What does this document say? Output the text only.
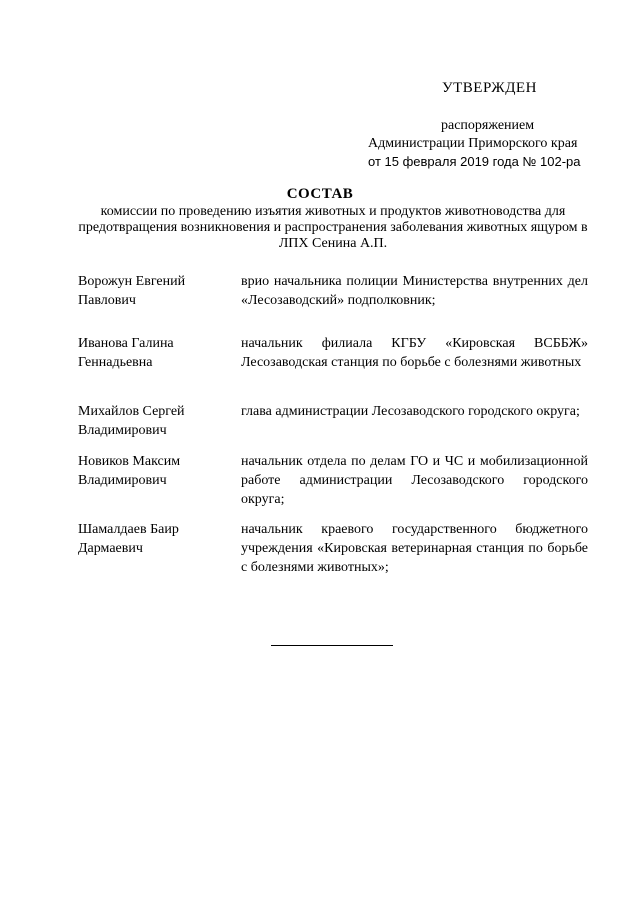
УТВЕРЖДЕН
распоряжением
Администрации Приморского края
от 15 февраля 2019 года № 102-ра
СОСТАВ
комиссии по проведению изъятия животных и продуктов животноводства для предотвращения возникновения и распространения заболевания животных ящуром в ЛПХ Сенина А.П.
Ворожун Евгений Павлович
врио начальника полиции Министерства внутренних дел «Лесозаводский» подполковник;
Иванова Галина Геннадьевна
начальник филиала КГБУ «Кировская ВСББЖ» Лесозаводская станция по борьбе с болезнями животных
Михайлов Сергей Владимирович
глава администрации Лесозаводского городского округа;
Новиков Максим Владимирович
начальник отдела по делам ГО и ЧС и мобилизационной работе администрации Лесозаводского городского округа;
Шамалдаев Баир Дармаевич
начальник краевого государственного бюджетного учреждения «Кировская ветеринарная станция по борьбе с болезнями животных»;
